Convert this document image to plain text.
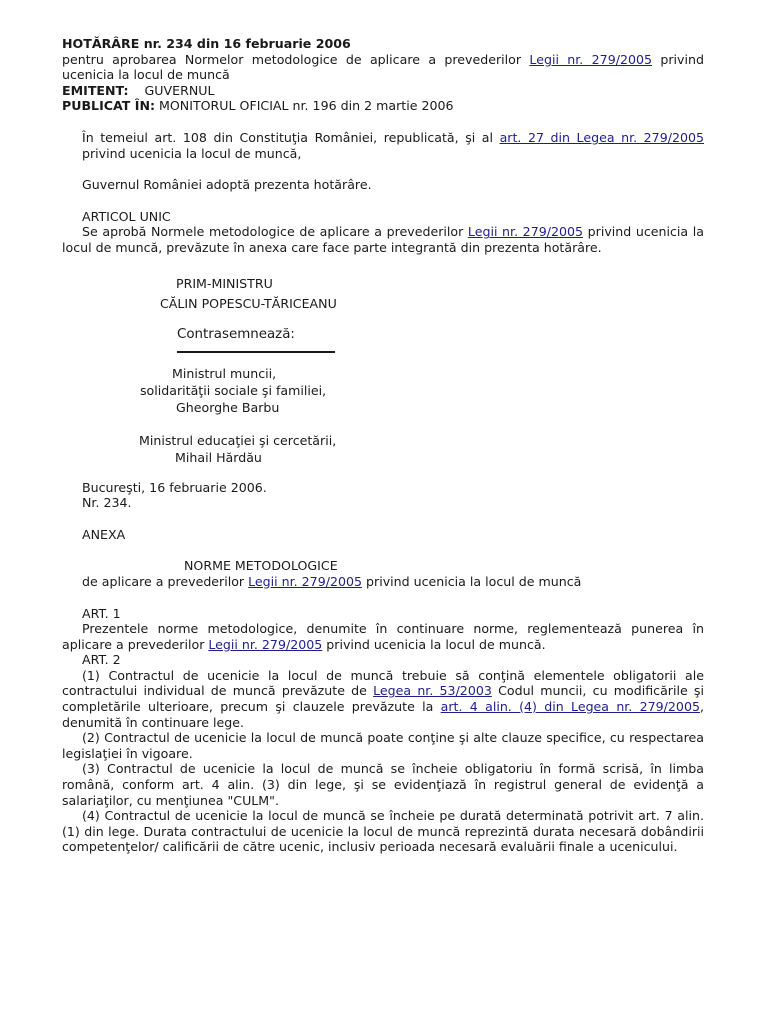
HOTĂRÂRE nr. 234 din 16 februarie 2006
pentru aprobarea Normelor metodologice de aplicare a prevederilor Legii nr. 279/2005 privind ucenicia la locul de muncă
EMITENT: GUVERNUL
PUBLICAT ÎN: MONITORUL OFICIAL nr. 196 din 2 martie 2006
În temeiul art. 108 din Constituţia României, republicată, şi al art. 27 din Legea nr. 279/2005 privind ucenicia la locul de muncă,
Guvernul României adoptă prezenta hotărâre.
ARTICOL UNIC
Se aprobă Normele metodologice de aplicare a prevederilor Legii nr. 279/2005 privind ucenicia la locul de muncă, prevăzute în anexa care face parte integrantă din prezenta hotărâre.
PRIM-MINISTRU
CĂLIN POPESCU-TĂRICEANU
Contrasemnează:
Ministrul muncii,
solidarităţii sociale şi familiei,
Gheorghe Barbu
Ministrul educaţiei şi cercetării,
Mihail Hărdău
Bucureşti, 16 februarie 2006.
Nr. 234.
ANEXA
NORME METODOLOGICE
de aplicare a prevederilor Legii nr. 279/2005 privind ucenicia la locul de muncă
ART. 1
Prezentele norme metodologice, denumite în continuare norme, reglementează punerea în aplicare a prevederilor Legii nr. 279/2005 privind ucenicia la locul de muncă.
ART. 2
(1) Contractul de ucenicie la locul de muncă trebuie să conţină elementele obligatorii ale contractului individual de muncă prevăzute de Legea nr. 53/2003 Codul muncii, cu modificările şi completările ulterioare, precum şi clauzele prevăzute la art. 4 alin. (4) din Legea nr. 279/2005, denumită în continuare lege.
(2) Contractul de ucenicie la locul de muncă poate conţine şi alte clauze specifice, cu respectarea legislaţiei în vigoare.
(3) Contractul de ucenicie la locul de muncă se încheie obligatoriu în formă scrisă, în limba română, conform art. 4 alin. (3) din lege, şi se evidenţiază în registrul general de evidenţă a salariaţilor, cu menţiunea "CULM".
(4) Contractul de ucenicie la locul de muncă se încheie pe durată determinată potrivit art. 7 alin. (1) din lege. Durata contractului de ucenicie la locul de muncă reprezintă durata necesară dobândirii competenţelor/ calificării de către ucenic, inclusiv perioada necesară evaluării finale a ucenicului.
